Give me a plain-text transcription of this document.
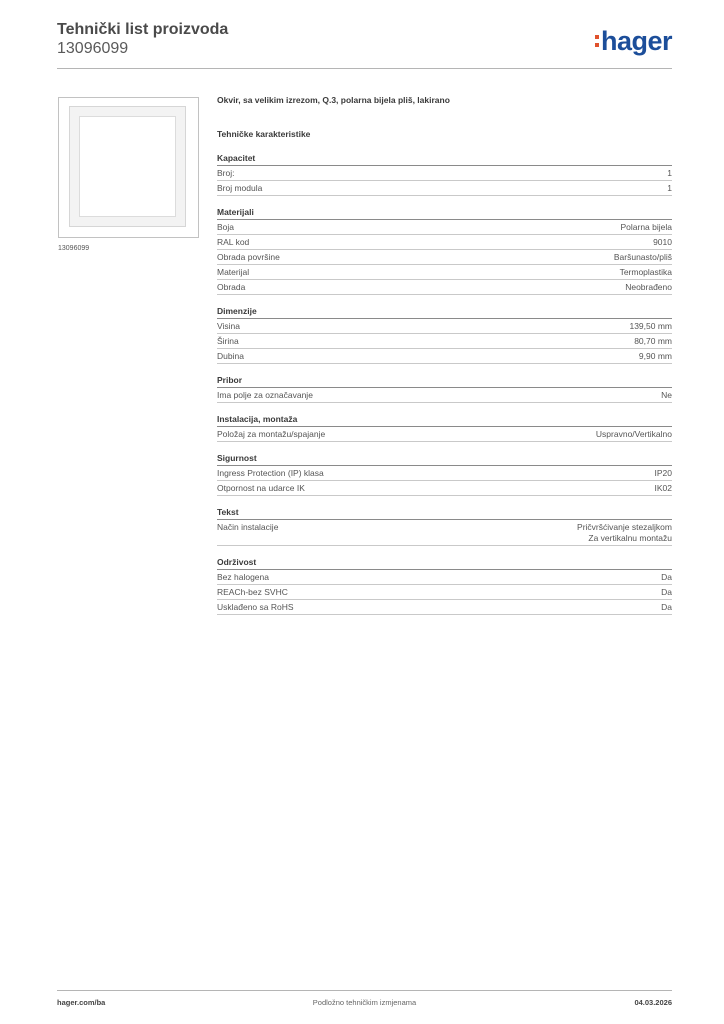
Tehnički list proizvoda
13096099	hager
13096099
Okvir, sa velikim izrezom, Q.3, polarna bijela pliš, lakirano
Tehničke karakteristike
Kapacitet
Broj:	1
Broj modula	1
Materijali
Boja	Polarna bijela
RAL kod	9010
Obrada površine	Baršunasto/pliš
Materijal	Termoplastika
Obrada	Neobrađeno
Dimenzije
Visina	139,50 mm
Širina	80,70 mm
Dubina	9,90 mm
Pribor
Ima polje za označavanje	Ne
Instalacija, montaža
Položaj za montažu/spajanje	Uspravno/Vertikalno
Sigurnost
Ingress Protection (IP) klasa	IP20
Otpornost na udarce IK	IK02
Tekst
Način instalacije	Pričvršćivanje stezaljkom
Za vertikalnu montažu
Održivost
Bez halogena	Da
REACh-bez SVHC	Da
Usklađeno sa RoHS	Da
hager.com/ba	Podložno tehničkim izmjenama	04.03.2026
